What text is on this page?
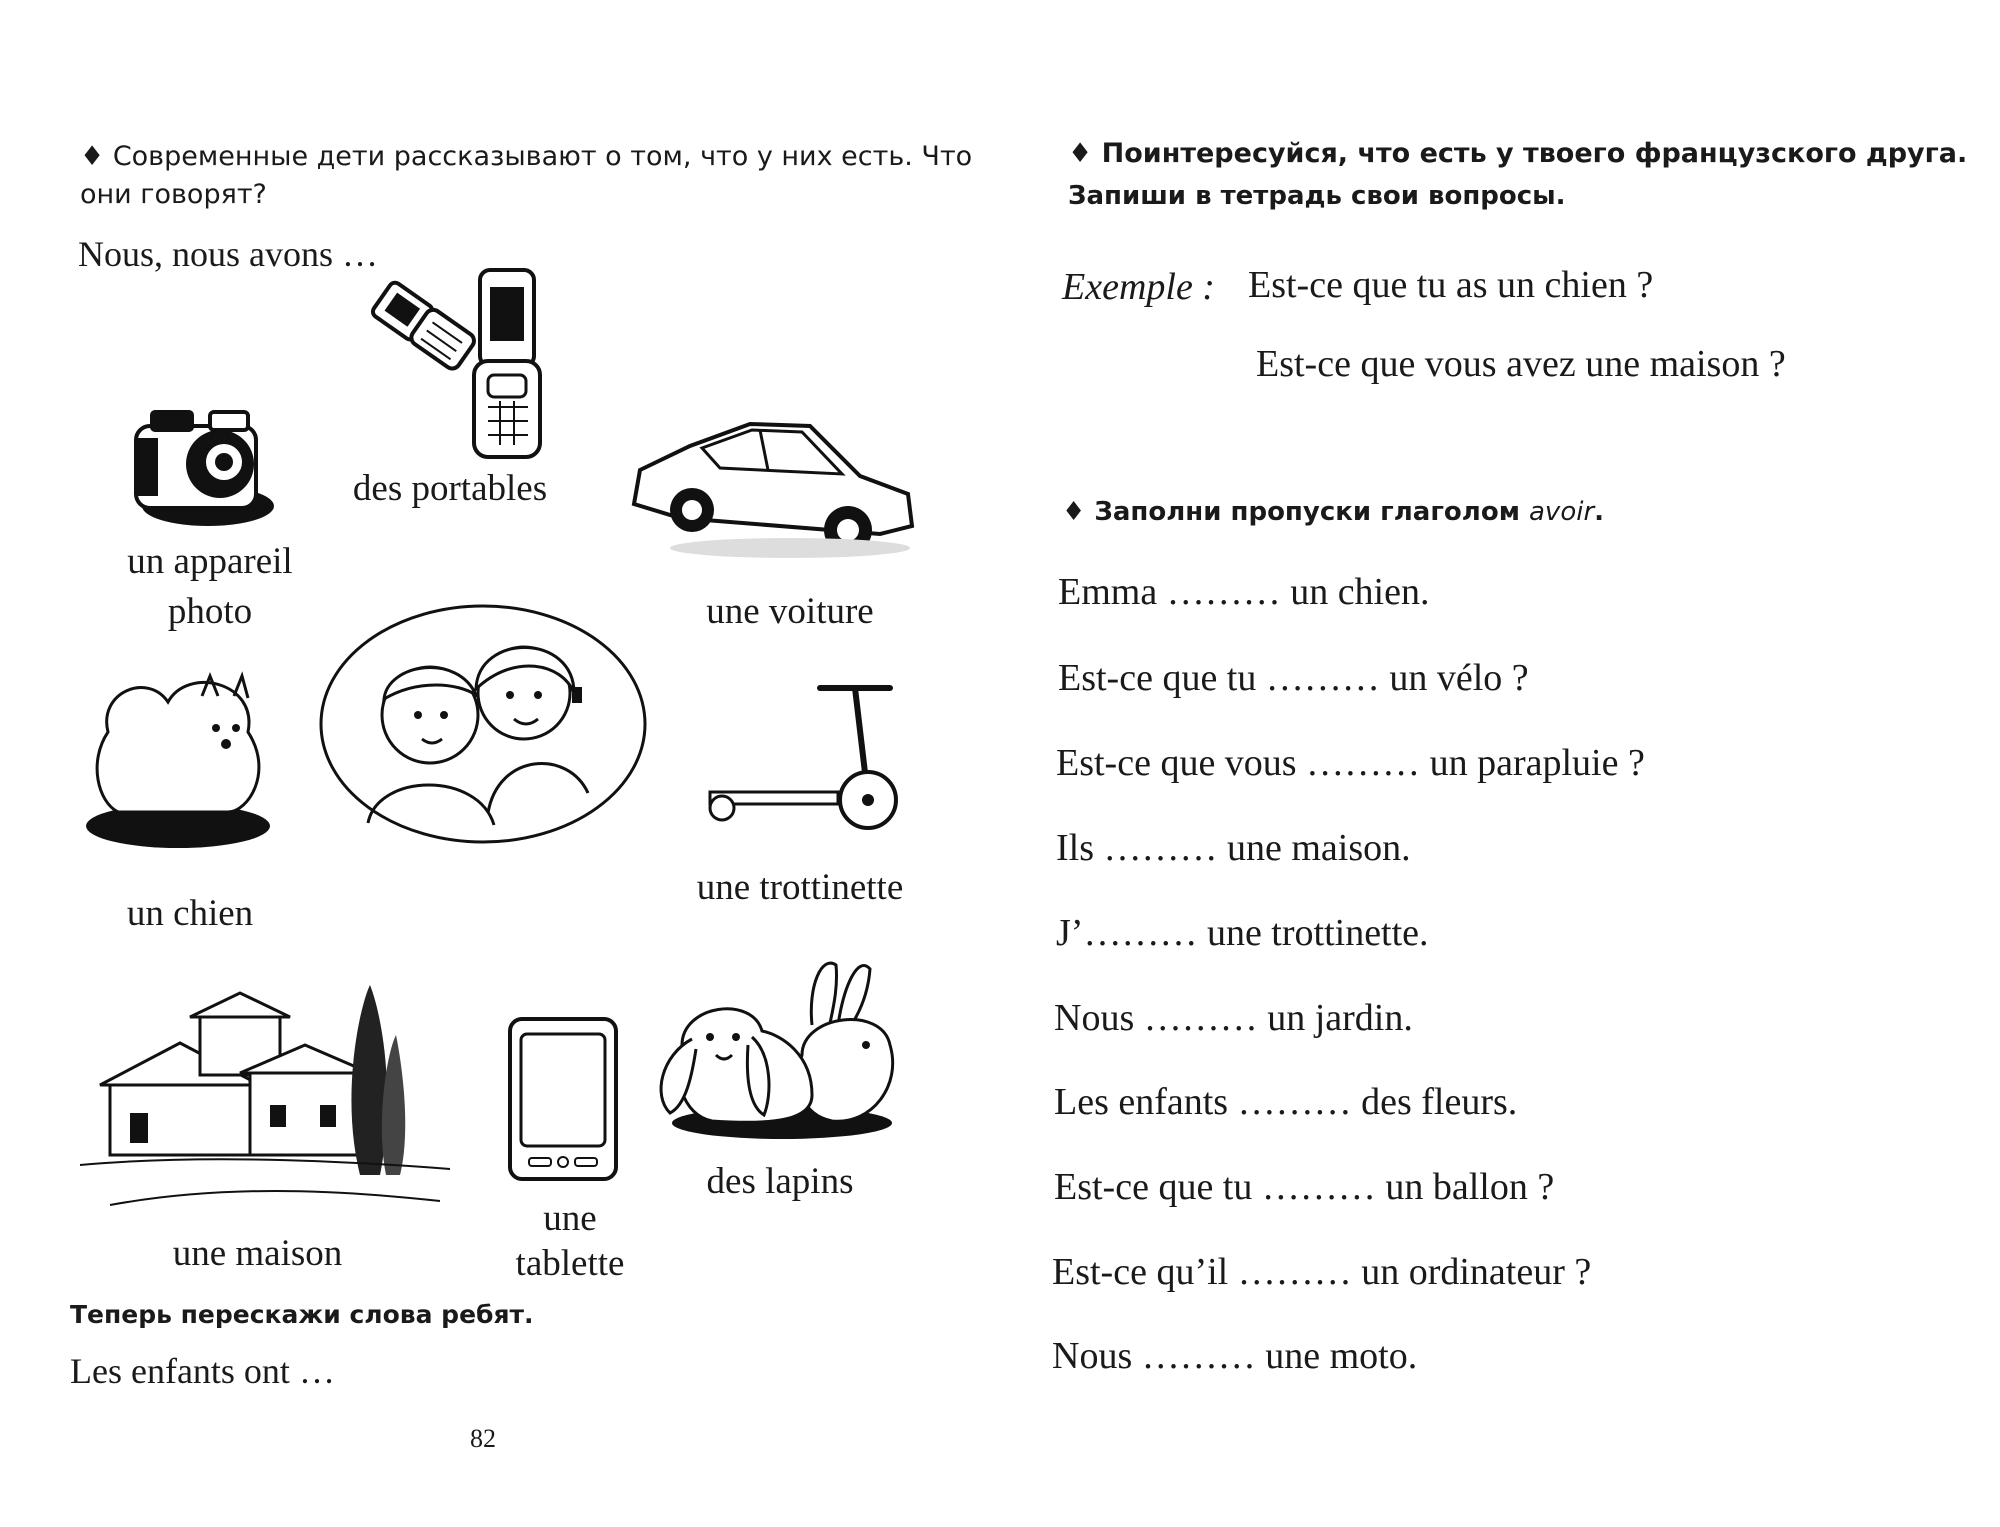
♦ Современные дети рассказывают о том, что у них есть. Что
они говорят?
Nous, nous avons …
des portables
un appareil
photo	une voiture
un chien
une trottinette
une maison
une
tablette
des lapins
Теперь перескажи слова ребят.
Les enfants ont …
82
♦ Поинтересуйся, что есть у твоего французского друга.
Запиши в тетрадь свои вопросы.
Exemple : Est-ce que tu as un chien ?
Est-ce que vous avez une maison ?
♦ Заполни пропуски глаголом avoir.
Emma ……… un chien.
Est-ce que tu ……… un vélo ?
Est-ce que vous ……… un parapluie ?
Ils ……… une maison.
J’……… une trottinette.
Nous ……… un jardin.
Les enfants ……… des fleurs.
Est-ce que tu ……… un ballon ?
Est-ce qu’il ……… un ordinateur ?
Nous ……… une moto.
